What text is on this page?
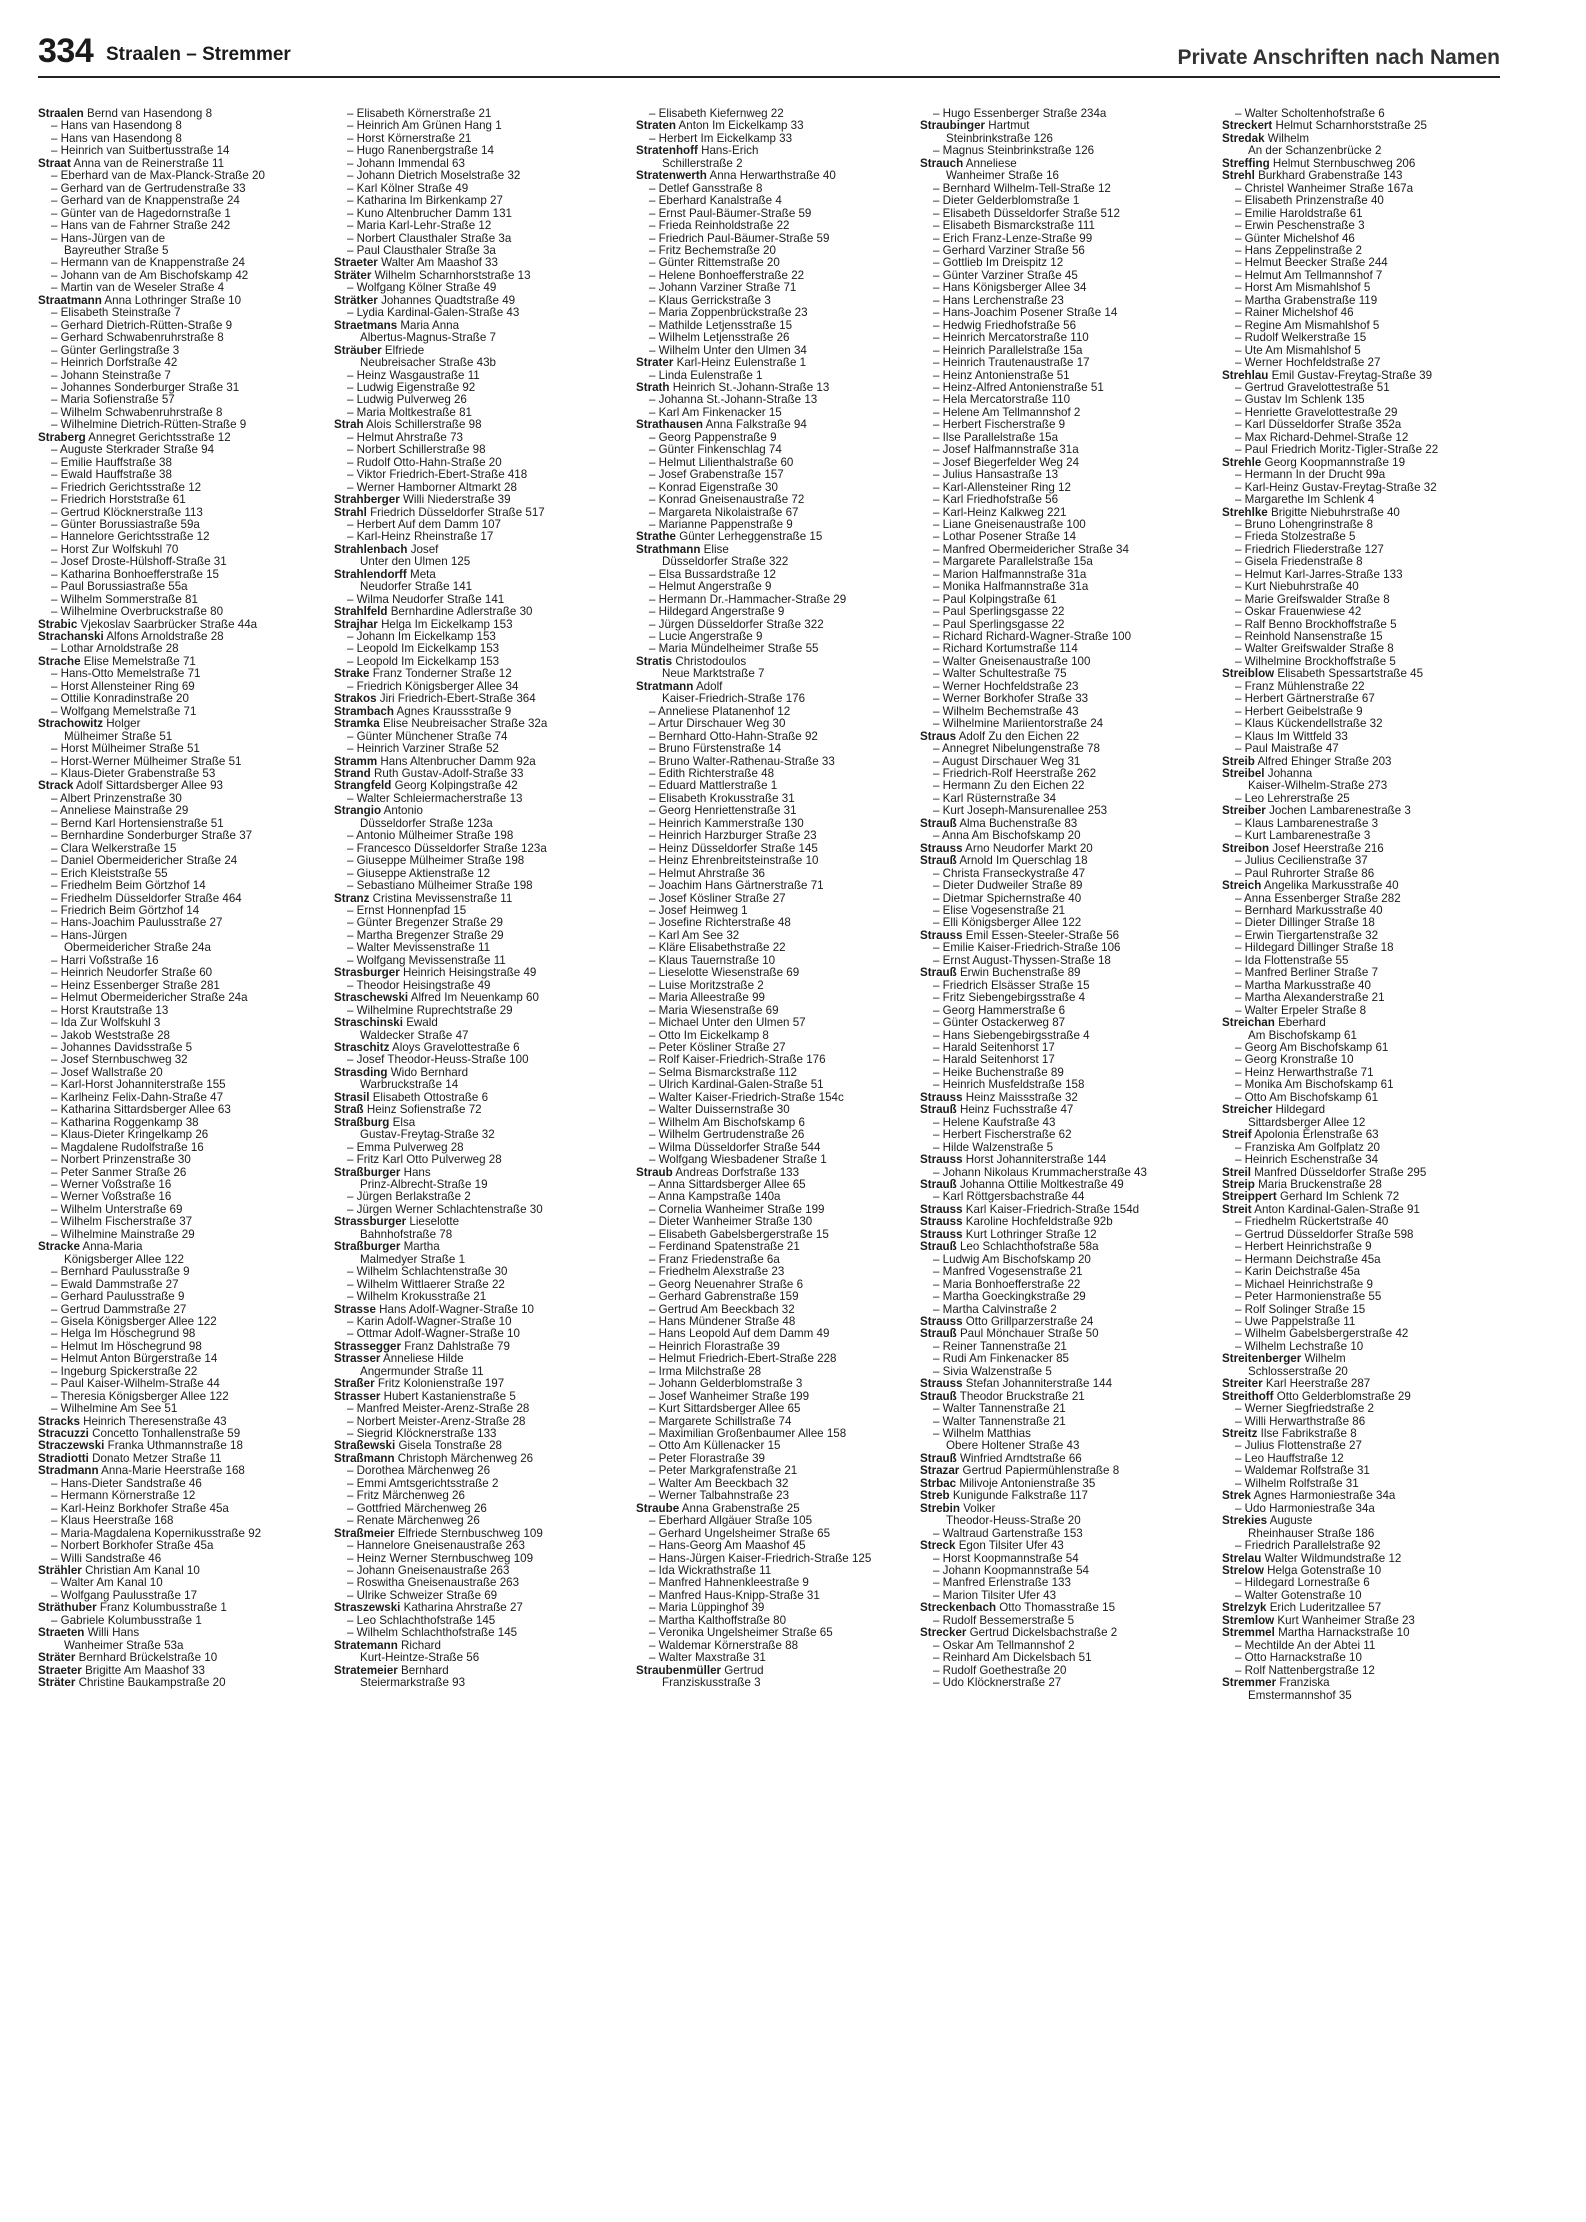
334 Straalen – Stremmer	Private Anschriften nach Namen
Straalen Bernd van Hasendong 8
– Hans van Hasendong 8
– Hans van Hasendong 8
– Heinrich van Suitbertusstraße 14
Straat Anna van de Reinerstraße 11
– Eberhard van de Max-Planck-Straße 20
– Gerhard van de Gertrudenstraße 33
– Gerhard van de Knappenstraße 24
– Günter van de Hagedornstraße 1
– Hans van de Fahrner Straße 242
– Hans-Jürgen van de
Bayreuther Straße 5
– Hermann van de Knappenstraße 24
– Johann van de Am Bischofskamp 42
– Martin van de Weseler Straße 4
Straatmann Anna Lothringer Straße 10
– Elisabeth Steinstraße 7
– Gerhard Dietrich-Rütten-Straße 9
– Gerhard Schwabenruhrstraße 8
– Günter Gerlingstraße 3
– Heinrich Dorfstraße 42
– Johann Steinstraße 7
– Johannes Sonderburger Straße 31
– Maria Sofienstraße 57
– Wilhelm Schwabenruhrstraße 8
– Wilhelmine Dietrich-Rütten-Straße 9
Straberg Annegret Gerichtsstraße 12
– Auguste Sterkrader Straße 94
– Emilie Hauffstraße 38
– Ewald Hauffstraße 38
– Friedrich Gerichtsstraße 12
– Friedrich Horststraße 61
– Gertrud Klöcknerstraße 113
– Günter Borussiastraße 59a
– Hannelore Gerichtsstraße 12
– Horst Zur Wolfskuhl 70
– Josef Droste-Hülshoff-Straße 31
– Katharina Bonhoefferstraße 15
– Paul Borussiastraße 55a
– Wilhelm Sommerstraße 81
– Wilhelmine Overbruckstraße 80
Strabic Vjekoslav Saarbrücker Straße 44a
Strachanski Alfons Arnoldstraße 28
– Lothar Arnoldstraße 28
Strache Elise Memelstraße 71
– Hans-Otto Memelstraße 71
– Horst Allensteiner Ring 69
– Ottilie Konradinstraße 20
– Wolfgang Memelstraße 71
Strachowitz Holger
Mülheimer Straße 51
– Horst Mülheimer Straße 51
– Horst-Werner Mülheimer Straße 51
– Klaus-Dieter Grabenstraße 53
Strack Adolf Sittardsberger Allee 93
– Albert Prinzenstraße 30
– Anneliese Mainstraße 29
– Bernd Karl Hortensienstraße 51
– Bernhardine Sonderburger Straße 37
– Clara Welkerstraße 15
– Daniel Obermeidericher Straße 24
– Erich Kleiststraße 55
– Friedhelm Beim Görtzhof 14
– Friedhelm Düsseldorfer Straße 464
– Friedrich Beim Görtzhof 14
– Hans-Joachim Paulusstraße 27
– Hans-Jürgen
Obermeidericher Straße 24a
– Harri Voßstraße 16
– Heinrich Neudorfer Straße 60
– Heinz Essenberger Straße 281
– Helmut Obermeidericher Straße 24a
– Horst Krautstraße 13
– Ida Zur Wolfskuhl 3
– Jakob Weststraße 28
– Johannes Davidsstraße 5
– Josef Sternbuschweg 32
– Josef Wallstraße 20
– Karl-Horst Johanniterstraße 155
– Karlheinz Felix-Dahn-Straße 47
– Katharina Sittardsberger Allee 63
– Katharina Roggenkamp 38
– Klaus-Dieter Kringelkamp 26
– Magdalene Rudolfstraße 16
– Norbert Prinzenstraße 30
– Peter Sanmer Straße 26
– Werner Voßstraße 16
– Werner Voßstraße 16
– Wilhelm Unterstraße 69
– Wilhelm Fischerstraße 37
– Wilhelmine Mainstraße 29
Stracke Anna-Maria
Königsberger Allee 122
– Bernhard Paulusstraße 9
– Ewald Dammstraße 27
– Gerhard Paulusstraße 9
– Gertrud Dammstraße 27
– Gisela Königsberger Allee 122
– Helga Im Höschegrund 98
– Helmut Im Höschegrund 98
– Helmut Anton Bürgerstraße 14
– Ingeburg Spickerstraße 22
– Paul Kaiser-Wilhelm-Straße 44
– Theresia Königsberger Allee 122
– Wilhelmine Am See 51
Stracks Heinrich Theresenstraße 43
Stracuzzi Concetto Tonhallenstraße 59
Straczewski Franka Uthmannstraße 18
Stradiotti Donato Metzer Straße 11
Stradmann Anna-Marie Heerstraße 168
– Hans-Dieter Sandstraße 46
– Hermann Körnerstraße 12
– Karl-Heinz Borkhofer Straße 45a
– Klaus Heerstraße 168
– Maria-Magdalena Kopernikusstraße 92
– Norbert Borkhofer Straße 45a
– Willi Sandstraße 46
Strähler Christian Am Kanal 10
– Walter Am Kanal 10
– Wolfgang Paulusstraße 17
Sträthuber Franz Kolumbusstraße 1
– Gabriele Kolumbusstraße 1
Straeten Willi Hans
Wanheimer Straße 53a
Sträter Bernhard Brückelstraße 10
Straeter Brigitte Am Maashof 33
Sträter Christine Baukampstraße 20
– Elisabeth Körnerstraße 21
– Heinrich Am Grünen Hang 1
– Horst Körnerstraße 21
– Hugo Ranenbergstraße 14
– Johann Immendal 63
– Johann Dietrich Moselstraße 32
– Karl Kölner Straße 49
– Katharina Im Birkenkamp 27
– Kuno Altenbrucher Damm 131
– Maria Karl-Lehr-Straße 12
– Norbert Clausthaler Straße 3a
– Paul Clausthaler Straße 3a
Straeter Walter Am Maashof 33
Sträter Wilhelm Scharnhorststraße 13
– Wolfgang Kölner Straße 49
Strätker Johannes Quadtstraße 49
– Lydia Kardinal-Galen-Straße 43
Straetmans Maria Anna
Albertus-Magnus-Straße 7
Sträuber Elfriede
Neubreisacher Straße 43b
– Heinz Wasgaustraße 11
– Ludwig Eigenstraße 92
– Ludwig Pulverweg 26
– Maria Moltkestraße 81
Strah Alois Schillerstraße 98
– Helmut Ahrstraße 73
– Norbert Schillerstraße 98
– Rudolf Otto-Hahn-Straße 20
– Viktor Friedrich-Ebert-Straße 418
– Werner Hamborner Altmarkt 28
Strahberger Willi Niederstraße 39
Strahl Friedrich Düsseldorfer Straße 517
– Herbert Auf dem Damm 107
– Karl-Heinz Rheinstraße 17
Strahlenbach Josef
Unter den Ulmen 125
Strahlendorff Meta
Neudorfer Straße 141
– Wilma Neudorfer Straße 141
Strahlfeld Bernhardine Adlerstraße 30
Strajhar Helga Im Eickelkamp 153
– Johann Im Eickelkamp 153
– Leopold Im Eickelkamp 153
– Leopold Im Eickelkamp 153
Strake Franz Tonderner Straße 12
– Friedrich Königsberger Allee 34
Strakos Jiri Friedrich-Ebert-Straße 364
Strambach Agnes Kraussstraße 9
Stramka Elise Neubreisacher Straße 32a
– Günter Münchener Straße 74
– Heinrich Varziner Straße 52
Stramm Hans Altenbrucher Damm 92a
Strand Ruth Gustav-Adolf-Straße 33
Strangfeld Georg Kolpingstraße 42
– Walter Schleiermacherstraße 13
Strangio Antonio
Düsseldorfer Straße 123a
– Antonio Mülheimer Straße 198
– Francesco Düsseldorfer Straße 123a
– Giuseppe Mülheimer Straße 198
– Giuseppe Aktienstraße 12
– Sebastiano Mülheimer Straße 198
Stranz Cristina Mevissenstraße 11
– Ernst Honnenpfad 15
– Günter Bregenzer Straße 29
– Martha Bregenzer Straße 29
– Walter Mevissenstraße 11
– Wolfgang Mevissenstraße 11
Strasburger Heinrich Heisingstraße 49
– Theodor Heisingstraße 49
Straschewski Alfred Im Neuenkamp 60
– Wilhelmine Ruprechtstraße 29
Straschinski Ewald
Waldecker Straße 47
Straschitz Aloys Gravelottestraße 6
– Josef Theodor-Heuss-Straße 100
Strasding Wido Bernhard
Warbruckstraße 14
Strasil Elisabeth Ottostraße 6
Straß Heinz Sofienstraße 72
Straßburg Elsa
Gustav-Freytag-Straße 32
– Emma Pulverweg 28
– Fritz Karl Otto Pulverweg 28
Straßburger Hans
Prinz-Albrecht-Straße 19
– Jürgen Berlakstraße 2
– Jürgen Werner Schlachtenstraße 30
Strassburger Lieselotte
Bahnhofstraße 78
Straßburger Martha
Malmedyer Straße 1
– Wilhelm Schlachtenstraße 30
– Wilhelm Wittlaerer Straße 22
– Wilhelm Krokusstraße 21
Strasse Hans Adolf-Wagner-Straße 10
– Karin Adolf-Wagner-Straße 10
– Ottmar Adolf-Wagner-Straße 10
Strassegger Franz Dahlstraße 79
Strasser Anneliese Hilde
Angermunder Straße 11
Straßer Fritz Kolonienstraße 197
Strasser Hubert Kastanienstraße 5
– Manfred Meister-Arenz-Straße 28
– Norbert Meister-Arenz-Straße 28
– Siegrid Klöcknerstraße 133
Straßewski Gisela Tonstraße 28
Straßmann Christoph Märchenweg 26
– Dorothea Märchenweg 26
– Emmi Amtsgerichtsstraße 2
– Fritz Märchenweg 26
– Gottfried Märchenweg 26
– Renate Märchenweg 26
Straßmeier Elfriede Sternbuschweg 109
– Hannelore Gneisenaustraße 263
– Heinz Werner Sternbuschweg 109
– Johann Gneisenaustraße 263
– Roswitha Gneisenaustraße 263
– Ulrike Schweizer Straße 69
Straszewski Katharina Ahrstraße 27
– Leo Schlachthofstraße 145
– Wilhelm Schlachthofstraße 145
Stratemann Richard
Kurt-Heintze-Straße 56
Stratemeier Bernhard
Steiermarkstraße 93
– Elisabeth Kiefernweg 22
Straten Anton Im Eickelkamp 33
– Herbert Im Eickelkamp 33
Stratenhoff Hans-Erich
Schillerstraße 2
Stratenwerth Anna Herwarthstraße 40
– Detlef Gansstraße 8
– Eberhard Kanalstraße 4
– Ernst Paul-Bäumer-Straße 59
– Frieda Reinholdstraße 22
– Friedrich Paul-Bäumer-Straße 59
– Fritz Bechemstraße 20
– Günter Rittemstraße 20
– Helene Bonhoefferstraße 22
– Johann Varziner Straße 71
– Klaus Gerrickstraße 3
– Maria Zoppenbrückstraße 23
– Mathilde Letjensstraße 15
– Wilhelm Letjensstraße 26
– Wilhelm Unter den Ulmen 34
Strater Karl-Heinz Eulenstraße 1
– Linda Eulenstraße 1
Strath Heinrich St.-Johann-Straße 13
– Johanna St.-Johann-Straße 13
– Karl Am Finkenacker 15
Strathausen Anna Falkstraße 94
– Georg Pappenstraße 9
– Günter Finkenschlag 74
– Helmut Lilienthalstraße 60
– Josef Grabenstraße 157
– Konrad Eigenstraße 30
– Konrad Gneisenaustraße 72
– Margareta Nikolaistraße 67
– Marianne Pappenstraße 9
Strathe Günter Lerheggenstraße 15
Strathmann Elise
Düsseldorfer Straße 322
– Elsa Bussardstraße 12
– Helmut Angerstraße 9
– Hermann Dr.-Hammacher-Straße 29
– Hildegard Angerstraße 9
– Jürgen Düsseldorfer Straße 322
– Lucie Angerstraße 9
– Maria Mündelheimer Straße 55
Stratis Christodoulos
Neue Marktstraße 7
Stratmann Adolf
Kaiser-Friedrich-Straße 176
– Anneliese Platanenhof 12
– Artur Dirschauer Weg 30
– Bernhard Otto-Hahn-Straße 92
– Bruno Fürstenstraße 14
– Bruno Walter-Rathenau-Straße 33
– Edith Richterstraße 48
– Eduard Mattlerstraße 1
– Elisabeth Krokusstraße 31
– Georg Henriettenstraße 31
– Heinrich Kammerstraße 130
– Heinrich Harzburger Straße 23
– Heinz Düsseldorfer Straße 145
– Heinz Ehrenbreitsteinstraße 10
– Helmut Ahrstraße 36
– Joachim Hans Gärtnerstraße 71
– Josef Kösliner Straße 27
– Josef Heimweg 1
– Josefine Richterstraße 48
– Karl Am See 32
– Kläre Elisabethstraße 22
– Klaus Tauernstraße 10
– Lieselotte Wiesenstraße 69
– Luise Moritzstraße 2
– Maria Alleestraße 99
– Maria Wiesenstraße 69
– Michael Unter den Ulmen 57
– Otto Im Eickelkamp 8
– Peter Kösliner Straße 27
– Rolf Kaiser-Friedrich-Straße 176
– Selma Bismarckstraße 112
– Ulrich Kardinal-Galen-Straße 51
– Walter Kaiser-Friedrich-Straße 154c
– Walter Duissernstraße 30
– Wilhelm Am Bischofskamp 6
– Wilhelm Gertrudenstraße 26
– Wilma Düsseldorfer Straße 544
– Wolfgang Wiesbadener Straße 1
Straub Andreas Dorfstraße 133
– Anna Sittardsberger Allee 65
– Anna Kampstraße 140a
– Cornelia Wanheimer Straße 199
– Dieter Wanheimer Straße 130
– Elisabeth Gabelsbergerstraße 15
– Ferdinand Spatenstraße 21
– Franz Friedenstraße 6a
– Friedhelm Alexstraße 23
– Georg Neuenahrer Straße 6
– Gerhard Gabrenstraße 159
– Gertrud Am Beeckbach 32
– Hans Mündener Straße 48
– Hans Leopold Auf dem Damm 49
– Heinrich Florastraße 39
– Helmut Friedrich-Ebert-Straße 228
– Irma Milchstraße 28
– Johann Gelderblomstraße 3
– Josef Wanheimer Straße 199
– Kurt Sittardsberger Allee 65
– Margarete Schillstraße 74
– Maximilian Großenbaumer Allee 158
– Otto Am Küllenacker 15
– Peter Florastraße 39
– Peter Markgrafenstraße 21
– Walter Am Beeckbach 32
– Werner Talbahnstraße 23
Straube Anna Grabenstraße 25
– Eberhard Allgäuer Straße 105
– Gerhard Ungelsheimer Straße 65
– Hans-Georg Am Maashof 45
– Hans-Jürgen Kaiser-Friedrich-Straße 125
– Ida Wickrathstraße 11
– Manfred Hahnenkleestraße 9
– Manfred Haus-Knipp-Straße 31
– Maria Lüppinghof 39
– Martha Kalthoffstraße 80
– Veronika Ungelsheimer Straße 65
– Waldemar Körnerstraße 88
– Walter Maxstraße 31
Straubenmüller Gertrud
Franziskusstraße 3
– Hugo Essenberger Straße 234a
Straubinger Hartmut
Steinbrinkstraße 126
– Magnus Steinbrinkstraße 126
Strauch Anneliese
Wanheimer Straße 16
– Bernhard Wilhelm-Tell-Straße 12
– Dieter Gelderblomstraße 1
– Elisabeth Düsseldorfer Straße 512
– Elisabeth Bismarckstraße 111
– Erich Franz-Lenze-Straße 99
– Gerhard Varziner Straße 56
– Gottlieb Im Dreispitz 12
– Günter Varziner Straße 45
– Hans Königsberger Allee 34
– Hans Lerchenstraße 23
– Hans-Joachim Posener Straße 14
– Hedwig Friedhofstraße 56
– Heinrich Mercatorstraße 110
– Heinrich Parallelstraße 15a
– Heinrich Trautenaustraße 17
– Heinz Antonienstraße 51
– Heinz-Alfred Antonienstraße 51
– Hela Mercatorstraße 110
– Helene Am Tellmannshof 2
– Herbert Fischerstraße 9
– Ilse Parallelstraße 15a
– Josef Halfmannstraße 31a
– Josef Biegerfelder Weg 24
– Julius Hansastraße 13
– Karl-Allensteiner Ring 12
– Karl Friedhofstraße 56
– Karl-Heinz Kalkweg 221
– Liane Gneisenaustraße 100
– Lothar Posener Straße 14
– Manfred Obermeidericher Straße 34
– Margarete Parallelstraße 15a
– Marion Halfmannstraße 31a
– Monika Halfmannstraße 31a
– Paul Kolpingstraße 61
– Paul Sperlingsgasse 22
– Paul Sperlingsgasse 22
– Richard Richard-Wagner-Straße 100
– Richard Kortumstraße 114
– Walter Gneisenaustraße 100
– Walter Schultestraße 75
– Werner Hochfeldstraße 23
– Werner Borkhofer Straße 33
– Wilhelm Bechemstraße 43
– Wilhelmine Mariientorstraße 24
Straus Adolf Zu den Eichen 22
– Annegret Nibelungenstraße 78
– August Dirschauer Weg 31
– Friedrich-Rolf Heerstraße 262
– Hermann Zu den Eichen 22
– Karl Rüsternstraße 34
– Kurt Joseph-Mansurenallee 253
Strauß Alma Buchenstraße 83
– Anna Am Bischofskamp 20
Strauss Arno Neudorfer Markt 20
Strauß Arnold Im Querschlag 18
– Christa Franseckystraße 47
– Dieter Dudweiler Straße 89
– Dietmar Spichernstraße 40
– Elise Vogesenstraße 21
– Elli Königsberger Allee 122
Strauss Emil Essen-Steeler-Straße 56
– Emilie Kaiser-Friedrich-Straße 106
– Ernst August-Thyssen-Straße 18
Strauß Erwin Buchenstraße 89
– Friedrich Elsässer Straße 15
– Fritz Siebengebirgsstraße 4
– Georg Hammerstraße 6
– Günter Ostackerweg 87
– Hans Siebengebirgsstraße 4
– Harald Seitenhorst 17
– Harald Seitenhorst 17
– Heike Buchenstraße 89
– Heinrich Musfeldstraße 158
Strauss Heinz Maissstraße 32
Strauß Heinz Fuchsstraße 47
– Helene Kaufstraße 43
– Herbert Fischerstraße 62
– Hilde Walzenstraße 5
Strauss Horst Johanniterstraße 144
– Johann Nikolaus Krummacherstraße 43
Strauß Johanna Ottilie Moltkestraße 49
– Karl Röttgersbachstraße 44
Strauss Karl Kaiser-Friedrich-Straße 154d
Strauss Karoline Hochfeldstraße 92b
Strauss Kurt Lothringer Straße 12
Strauß Leo Schlachthofstraße 58a
– Ludwig Am Bischofskamp 20
– Manfred Vogesenstraße 21
– Maria Bonhoefferstraße 22
– Martha Goeckingkstraße 29
– Martha Calvinstraße 2
Strauss Otto Grillparzerstraße 24
Strauß Paul Mönchauer Straße 50
– Reiner Tannenstraße 21
– Rudi Am Finkenacker 85
– Sivia Walzenstraße 5
Strauss Stefan Johanniterstraße 144
Strauß Theodor Bruckstraße 21
– Walter Tannenstraße 21
– Walter Tannenstraße 21
– Wilhelm Matthias
Obere Holtener Straße 43
Strauß Winfried Arndtstraße 66
Strazar Gertrud Papiermühlenstraße 8
Strbac Milivoje Antonienstraße 35
Streb Kunigunde Falkstraße 117
Strebin Volker
Theodor-Heuss-Straße 20
– Waltraud Gartenstraße 153
Streck Egon Tilsiter Ufer 43
– Horst Koopmannstraße 54
– Johann Koopmannstraße 54
– Manfred Erlenstraße 133
– Marion Tilsiter Ufer 43
Streckenbach Otto Thomasstraße 15
– Rudolf Bessemerstraße 5
Strecker Gertrud Dickelsbachstraße 2
– Oskar Am Tellmannshof 2
– Reinhard Am Dickelsbach 51
– Rudolf Goethestraße 20
– Udo Klöcknerstraße 27
– Walter Scholtenhofstraße 6
Streckert Helmut Scharnhorststraße 25
Stredak Wilhelm
An der Schanzenbrücke 2
Streffing Helmut Sternbuschweg 206
Strehl Burkhard Grabenstraße 143
– Christel Wanheimer Straße 167a
– Elisabeth Prinzenstraße 40
– Emilie Haroldstraße 61
– Erwin Peschenstraße 3
– Günter Michelshof 46
– Hans Zeppelinstraße 2
– Helmut Beecker Straße 244
– Helmut Am Tellmannshof 7
– Horst Am Mismahlshof 5
– Martha Grabenstraße 119
– Rainer Michelshof 46
– Regine Am Mismahlshof 5
– Rudolf Welkerstraße 15
– Ute Am Mismahlshof 5
– Werner Hochfeldstraße 27
Strehlau Emil Gustav-Freytag-Straße 39
– Gertrud Gravelottestraße 51
– Gustav Im Schlenk 135
– Henriette Gravelottestraße 29
– Karl Düsseldorfer Straße 352a
– Max Richard-Dehmel-Straße 12
– Paul Friedrich Moritz-Tigler-Straße 22
Strehle Georg Koopmannstraße 19
– Hermann In der Drucht 99a
– Karl-Heinz Gustav-Freytag-Straße 32
– Margarethe Im Schlenk 4
Strehlke Brigitte Niebuhrstraße 40
– Bruno Lohengrinstraße 8
– Frieda Stolzestraße 5
– Friedrich Fliederstraße 127
– Gisela Friedenstraße 8
– Helmut Karl-Jarres-Straße 133
– Kurt Niebuhrstraße 40
– Marie Greifswalder Straße 8
– Oskar Frauenwiese 42
– Ralf Benno Brockhoffstraße 5
– Reinhold Nansenstraße 15
– Walter Greifswalder Straße 8
– Wilhelmine Brockhoffstraße 5
Streiblow Elisabeth Spessartstraße 45
– Franz Mühlenstraße 22
– Herbert Gärtnerstraße 67
– Herbert Geibelstraße 9
– Klaus Kückendellstraße 32
– Klaus Im Wittfeld 33
– Paul Maistraße 47
Streib Alfred Ehinger Straße 203
Streibel Johanna
Kaiser-Wilhelm-Straße 273
– Leo Lehrerstraße 25
Streiber Jochen Lambarenestraße 3
– Klaus Lambarenestraße 3
– Kurt Lambarenestraße 3
Streibon Josef Heerstraße 216
– Julius Cecilienstraße 37
– Paul Ruhrorter Straße 86
Streich Angelika Markusstraße 40
– Anna Essenberger Straße 282
– Bernhard Markusstraße 40
– Dieter Dillinger Straße 18
– Erwin Tiergartenstraße 32
– Hildegard Dillinger Straße 18
– Ida Flottenstraße 55
– Manfred Berliner Straße 7
– Martha Markusstraße 40
– Martha Alexanderstraße 21
– Walter Erpeler Straße 8
Streichan Eberhard
Am Bischofskamp 61
– Georg Am Bischofskamp 61
– Georg Kronstraße 10
– Heinz Herwarthstraße 71
– Monika Am Bischofskamp 61
– Otto Am Bischofskamp 61
Streicher Hildegard
Sittardsberger Allee 12
Streif Apolonia Erlenstraße 63
– Franziska Am Golfplatz 20
– Heinrich Eschenstraße 34
Streil Manfred Düsseldorfer Straße 295
Streip Maria Bruckenstraße 28
Streippert Gerhard Im Schlenk 72
Streit Anton Kardinal-Galen-Straße 91
– Friedhelm Rückertstraße 40
– Gertrud Düsseldorfer Straße 598
– Herbert Heinrichstraße 9
– Hermann Deichstraße 45a
– Karin Deichstraße 45a
– Michael Heinrichstraße 9
– Peter Harmonienstraße 55
– Rolf Solinger Straße 15
– Uwe Pappelstraße 11
– Wilhelm Gabelsbergerstraße 42
– Wilhelm Lechstraße 10
Streitenberger Wilhelm
Schlosserstraße 20
Streiter Karl Heerstraße 287
Streithoff Otto Gelderblomstraße 29
– Werner Siegfriedstraße 2
– Willi Herwarthstraße 86
Streitz Ilse Fabrikstraße 8
– Julius Flottenstraße 27
– Leo Hauffstraße 12
– Waldemar Rolfstraße 31
– Wilhelm Rolfstraße 31
Strek Agnes Harmoniestraße 34a
– Udo Harmoniestraße 34a
Strekies Auguste
Rheinhauser Straße 186
– Friedrich Parallelstraße 92
Strelau Walter Wildmundstraße 12
Strelow Helga Gotenstraße 10
– Hildegard Lornestraße 6
– Walter Gotenstraße 10
Strelzyk Erich Luderitzallee 57
Stremlow Kurt Wanheimer Straße 23
Stremmel Martha Harnackstraße 10
– Mechtilde An der Abtei 11
– Otto Harnackstraße 10
– Rolf Nattenbergstraße 12
Stremmer Franziska
Emstermannshof 35
